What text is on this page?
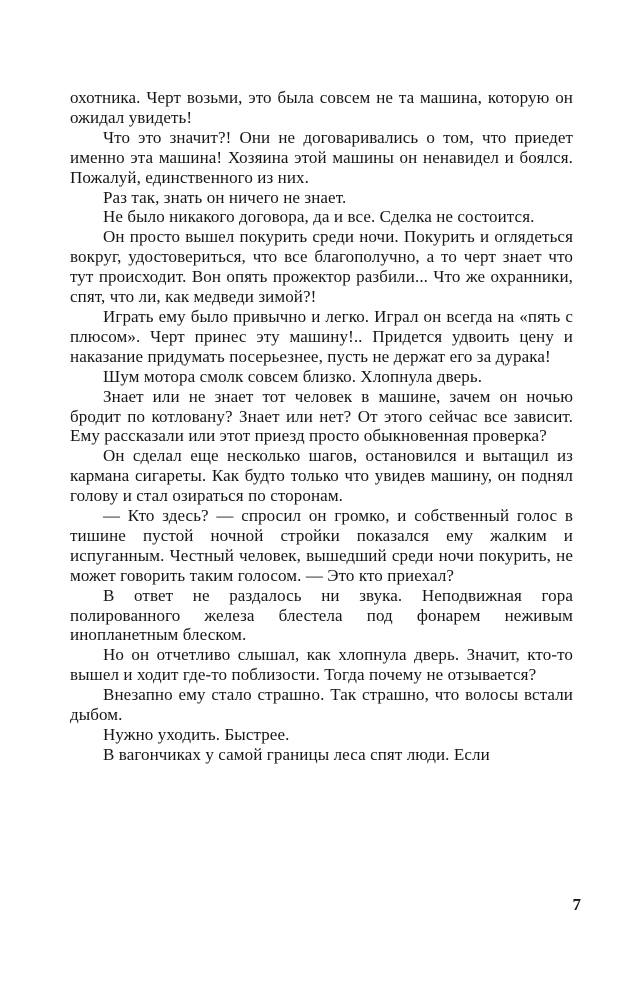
охотника. Черт возьми, это была совсем не та машина, которую он ожидал увидеть!

Что это значит?! Они не договаривались о том, что приедет именно эта машина! Хозяина этой машины он ненавидел и боялся. Пожалуй, единственного из них.

Раз так, знать он ничего не знает.

Не было никакого договора, да и все. Сделка не состоится.

Он просто вышел покурить среди ночи. Покурить и оглядеться вокруг, удостовериться, что все благополучно, а то черт знает что тут происходит. Вон опять прожектор разбили... Что же охранники, спят, что ли, как медведи зимой?!

Играть ему было привычно и легко. Играл он всегда на «пять с плюсом». Черт принес эту машину!.. Придется удвоить цену и наказание придумать посерьезнее, пусть не держат его за дурака!

Шум мотора смолк совсем близко. Хлопнула дверь.

Знает или не знает тот человек в машине, зачем он ночью бродит по котловану? Знает или нет? От этого сейчас все зависит. Ему рассказали или этот приезд просто обыкновенная проверка?

Он сделал еще несколько шагов, остановился и вытащил из кармана сигареты. Как будто только что увидев машину, он поднял голову и стал озираться по сторонам.

— Кто здесь? — спросил он громко, и собственный голос в тишине пустой ночной стройки показался ему жалким и испуганным. Честный человек, вышедший среди ночи покурить, не может говорить таким голосом. — Это кто приехал?

В ответ не раздалось ни звука. Неподвижная гора полированного железа блестела под фонарем неживым инопланетным блеском.

Но он отчетливо слышал, как хлопнула дверь. Значит, кто-то вышел и ходит где-то поблизости. Тогда почему не отзывается?

Внезапно ему стало страшно. Так страшно, что волосы встали дыбом.

Нужно уходить. Быстрее.

В вагончиках у самой границы леса спят люди. Если

7
